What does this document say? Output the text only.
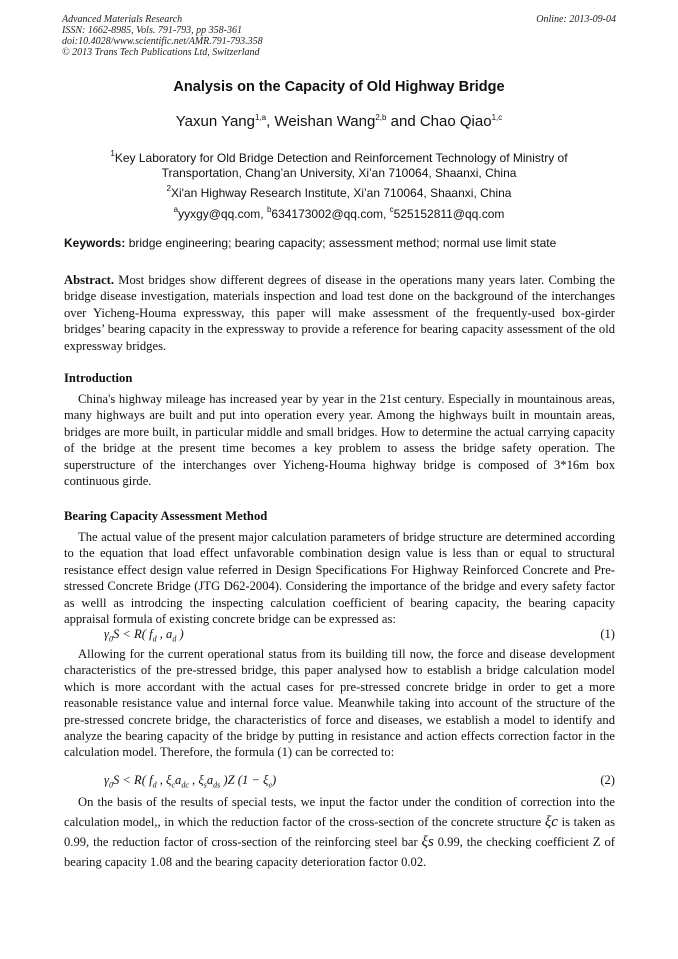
Advanced Materials Research
ISSN: 1662-8985, Vols. 791-793, pp 358-361
doi:10.4028/www.scientific.net/AMR.791-793.358
© 2013 Trans Tech Publications Ltd, Switzerland
Online: 2013-09-04
Analysis on the Capacity of Old Highway Bridge
Yaxun Yang$^{1,a}$, Weishan Wang$^{2,b}$ and Chao Qiao$^{1,c}$
$^1$Key Laboratory for Old Bridge Detection and Reinforcement Technology of Ministry of
Transportation, Chang’an University, Xi’an 710064, Shaanxi, China
$^2$Xi'an Highway Research Institute, Xi’an 710064, Shaanxi, China
$^a$yyxgy@qq.com, $^b$634173002@qq.com, $^c$525152811@qq.com
Keywords: bridge engineering; bearing capacity; assessment method; normal use limit state
Abstract. Most bridges show different degrees of disease in the operations many years later. Combing the bridge disease investigation, materials inspection and load test done on the background of the interchanges over Yicheng-Houma expressway, this paper will make assessment of the frequently-used box-girder bridges’ bearing capacity in the expressway to provide a reference for bearing capacity assessment of the old expressway bridges.
Introduction
China's highway mileage has increased year by year in the 21st century. Especially in mountainous areas, many highways are built and put into operation every year. Among the highways built in mountain areas, bridges are more built, in particular middle and small bridges. How to determine the actual carrying capacity of the bridge at the present time becomes a key problem to assess the bridge safety operation. The superstructure of the interchanges over Yicheng-Houma highway bridge is composed of 3*16m box continuous girde.
Bearing Capacity Assessment Method
The actual value of the present major calculation parameters of bridge structure are determined according to the equation that load effect unfavorable combination design value is less than or equal to structural resistance effect design value referred in Design Specifications For Highway Reinforced Concrete and Pre-stressed Concrete Bridge (JTG D62-2004). Considering the importance of the bridge and every safety factor as welll as introdcing the inspecting calculation coefficient of bearing capacity, the bearing capacity appraisal formula of existing concrete bridge can be expressed as:
$\gamma_0S < R$( $f_d$ , $a_d$ )	(1)
Allowing for the current operational status from its building till now, the force and disease development characteristics of the pre-stressed bridge, this paper analysed how to establish a bridge calculation model which is more accordant with the actual cases for pre-stressed concrete bridge in order to get a more reasonable resistance value and internal force value. Meanwhile taking into account of the structure of the pre-stressed concrete bridge, the characteristics of force and diseases, we establish a model to identify and analyze the bearing capacity of the bridge by putting in resistance and action effects correction factor in the calculation model. Therefore, the formula (1) can be corrected to:
$\gamma_0S < R$( $f_d$ , $\xi_ca_{dc}$ , $\xi_sa_{ds}$ )Z $(1 - \xi_e)$	(2)
On the basis of the results of special tests, we input the factor under the condition of correction into the calculation model,, in which the reduction factor of the cross-section of the concrete structure ξc is taken as 0.99, the reduction factor of cross-section of the reinforcing steel bar ξs 0.99, the checking coefficient Z of bearing capacity 1.08 and the bearing capacity deterioration factor 0.02.
